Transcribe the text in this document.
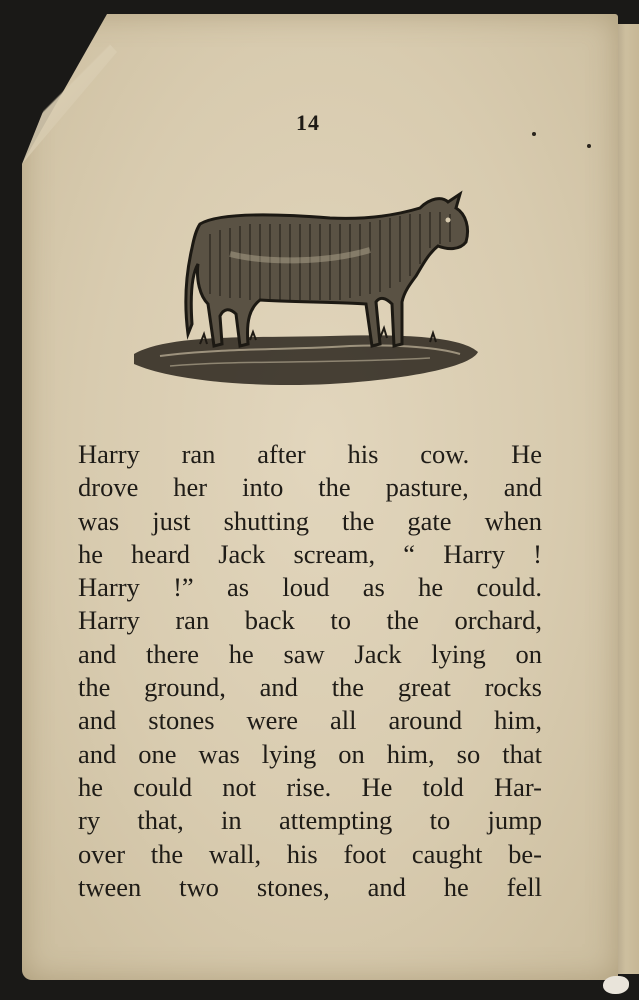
14
Harry ran after his cow. He
drove her into the pasture, and
was just shutting the gate when
he heard Jack scream, “ Harry !
Harry !” as loud as he could.
Harry ran back to the orchard,
and there he saw Jack lying on
the ground, and the great rocks
and stones were all around him,
and one was lying on him, so that
he could not rise. He told Har-
ry that, in attempting to jump
over the wall, his foot caught be-
tween two stones, and he fell
